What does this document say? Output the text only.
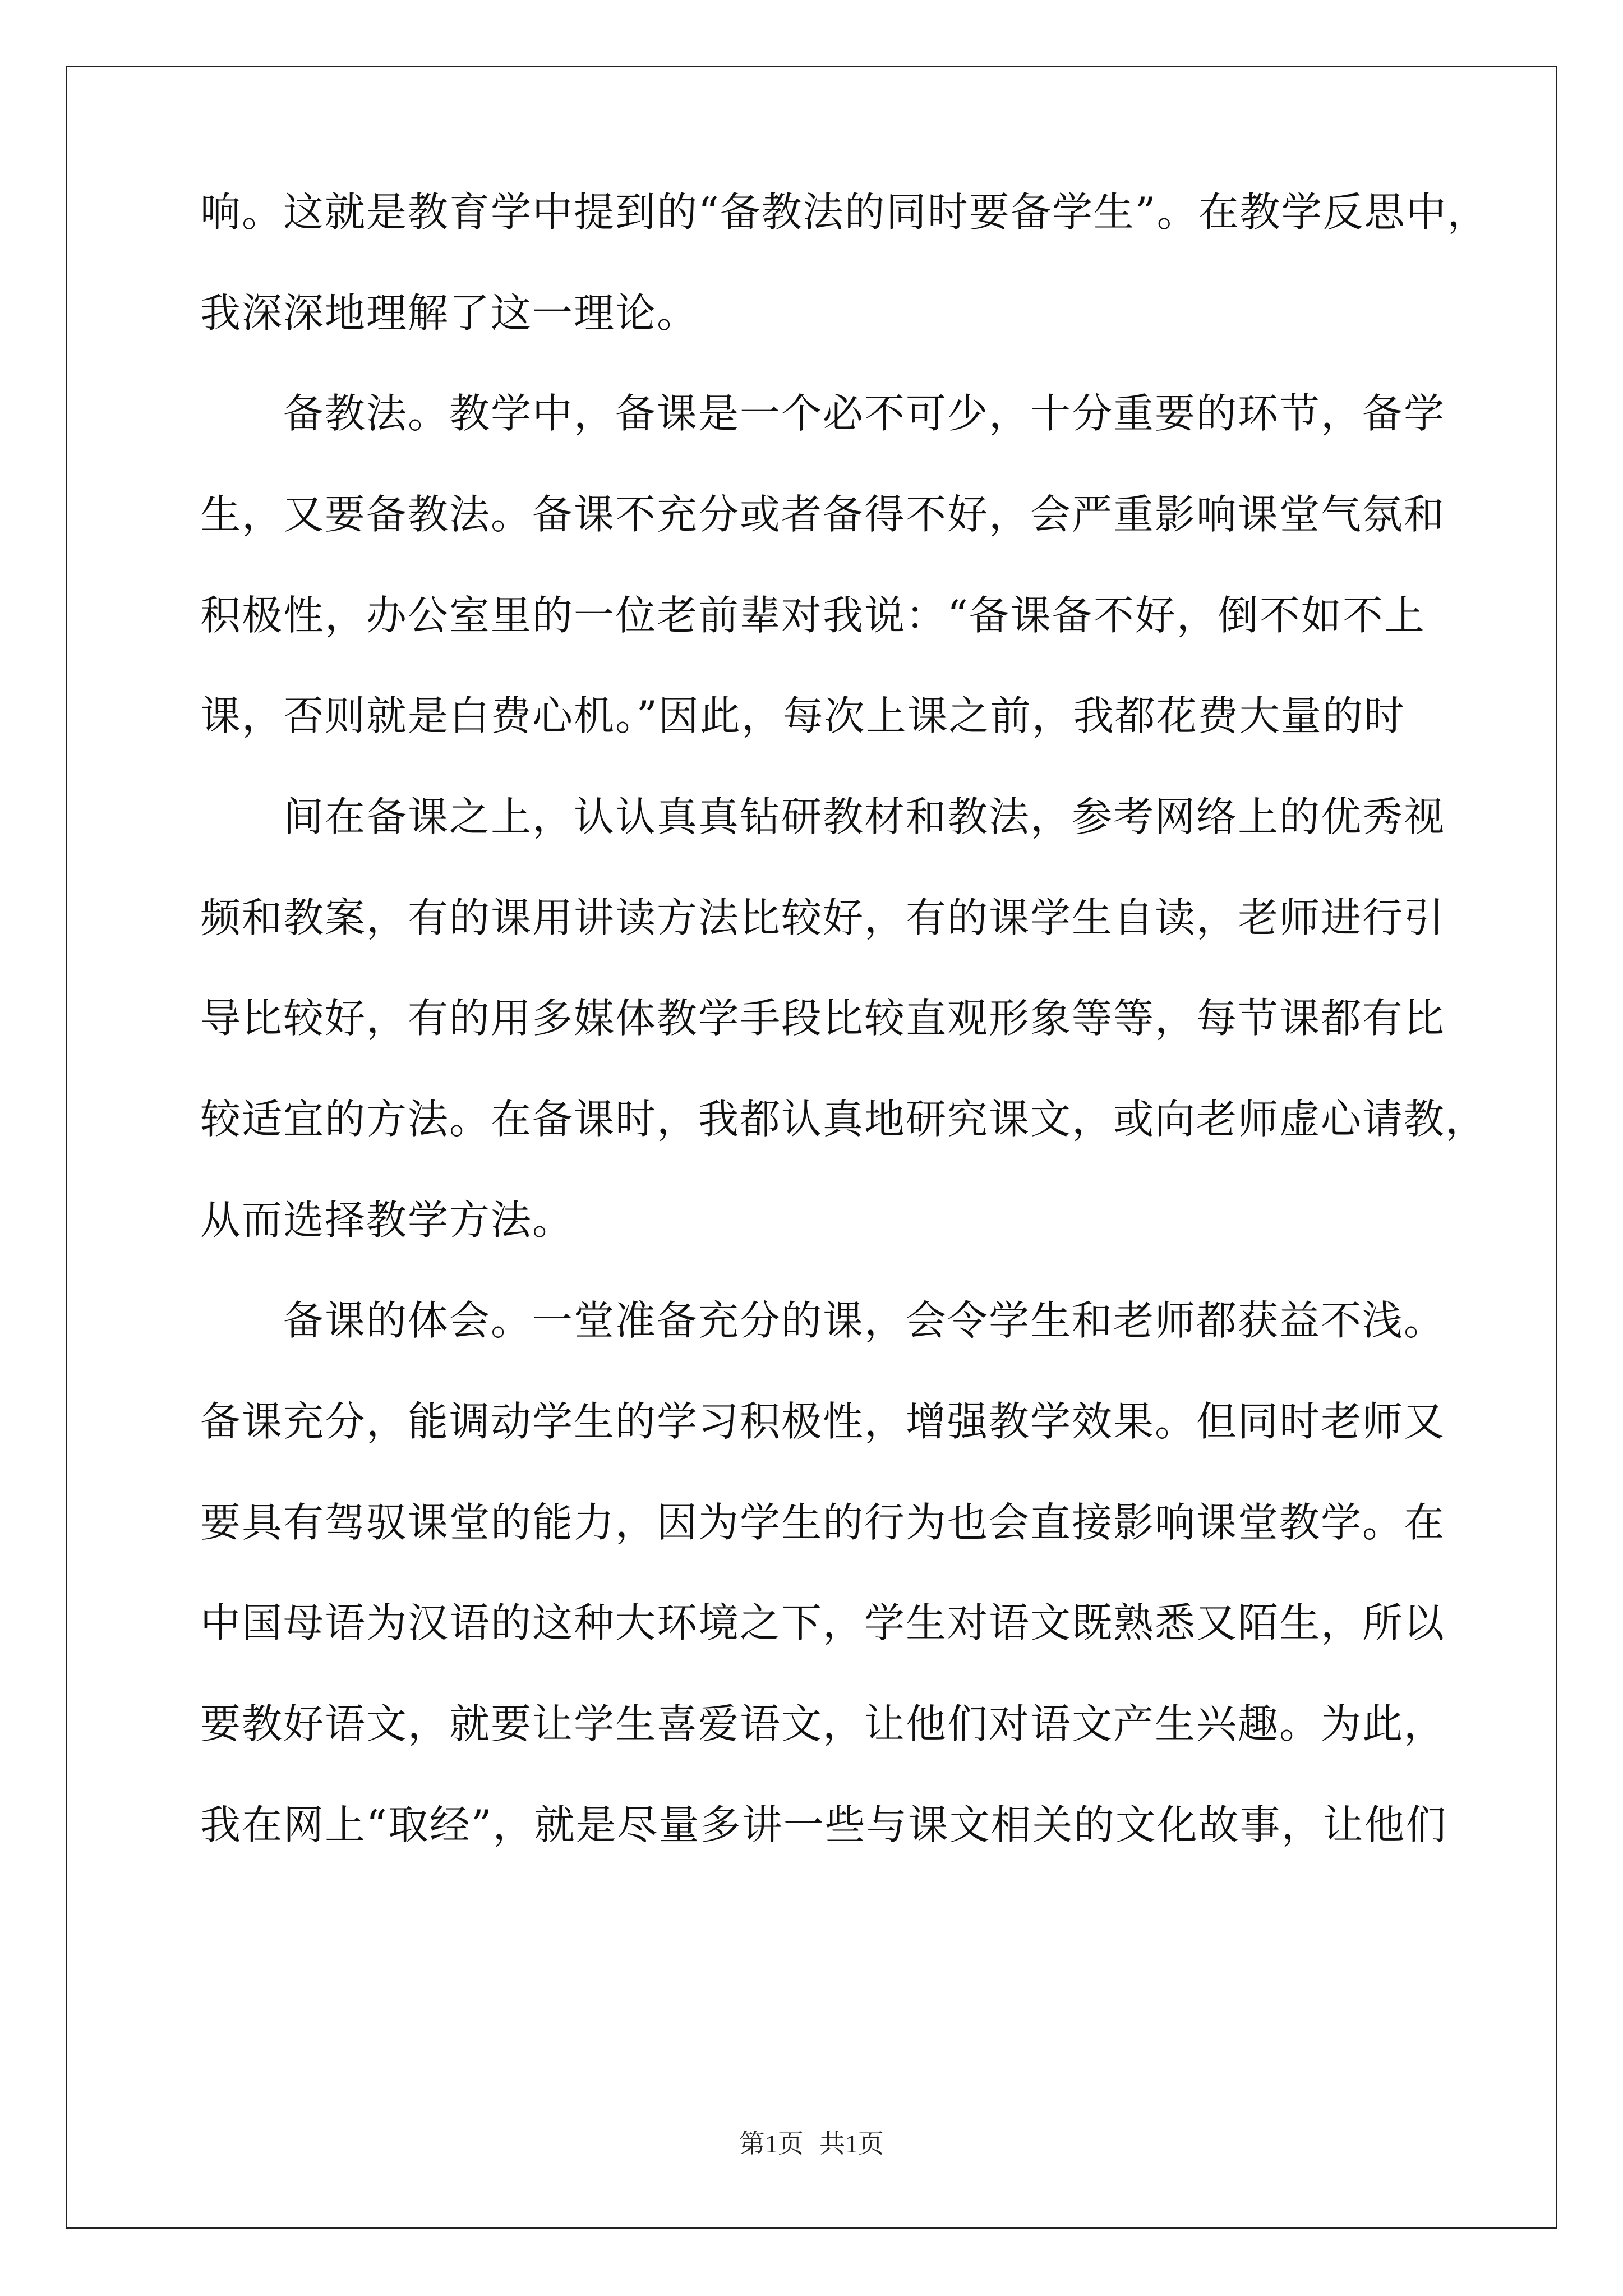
响。这就是教育学中提到的“备教法的同时要备学生”。在教学反思中，
我深深地理解了这一理论。
备教法。教学中，备课是一个必不可少，十分重要的环节，备学
生，又要备教法。备课不充分或者备得不好，会严重影响课堂气氛和
积极性，办公室里的一位老前辈对我说：“备课备不好，倒不如不上
课，否则就是白费心机。”因此，每次上课之前，我都花费大量的时
间在备课之上，认认真真钻研教材和教法，参考网络上的优秀视
频和教案，有的课用讲读方法比较好，有的课学生自读，老师进行引
导比较好，有的用多媒体教学手段比较直观形象等等，每节课都有比
较适宜的方法。在备课时，我都认真地研究课文，或向老师虚心请教，
从而选择教学方法。
备课的体会。一堂准备充分的课，会令学生和老师都获益不浅。
备课充分，能调动学生的学习积极性，增强教学效果。但同时老师又
要具有驾驭课堂的能力，因为学生的行为也会直接影响课堂教学。在
中国母语为汉语的这种大环境之下，学生对语文既熟悉又陌生，所以
要教好语文，就要让学生喜爱语文，让他们对语文产生兴趣。为此，
我在网上“取经”，就是尽量多讲一些与课文相关的文化故事，让他们
第1页 共1页
